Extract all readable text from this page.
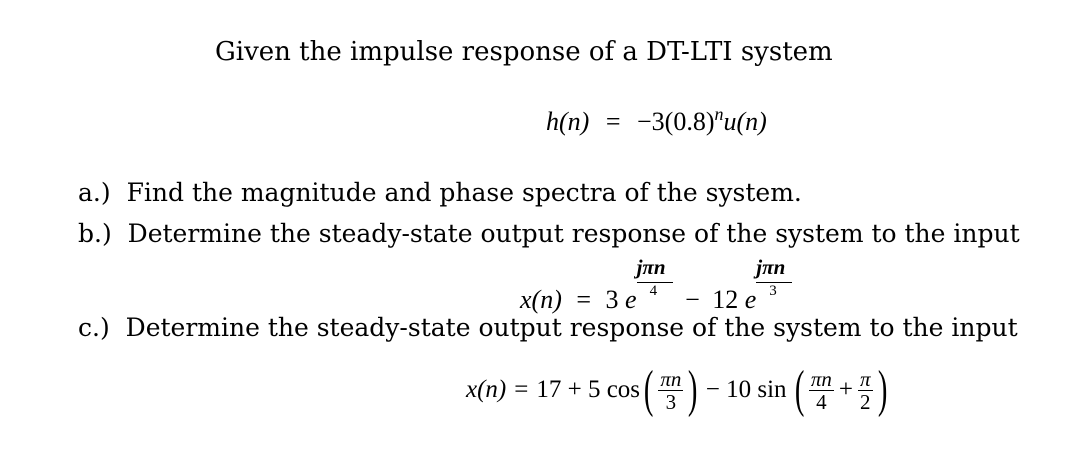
Given the impulse response of a DT-LTI system
$h(n) = -3(0.8)^nu(n)$
a.) Find the magnitude and phase spectra of the system.
b.) Determine the steady-state output response of the system to the input
x(n) = 3 e $\frac{\text{jπn}}{4} - 12$ e $\frac{\text{jπn}}{3}$
c.) Determine the steady-state output response of the system to the input
x(n) = 17 + 5 cos ( $\frac{\pi n}{3}$ ) − 10 sin ( $\frac{\pi n}{4} + \frac{\pi}{2}$ )
